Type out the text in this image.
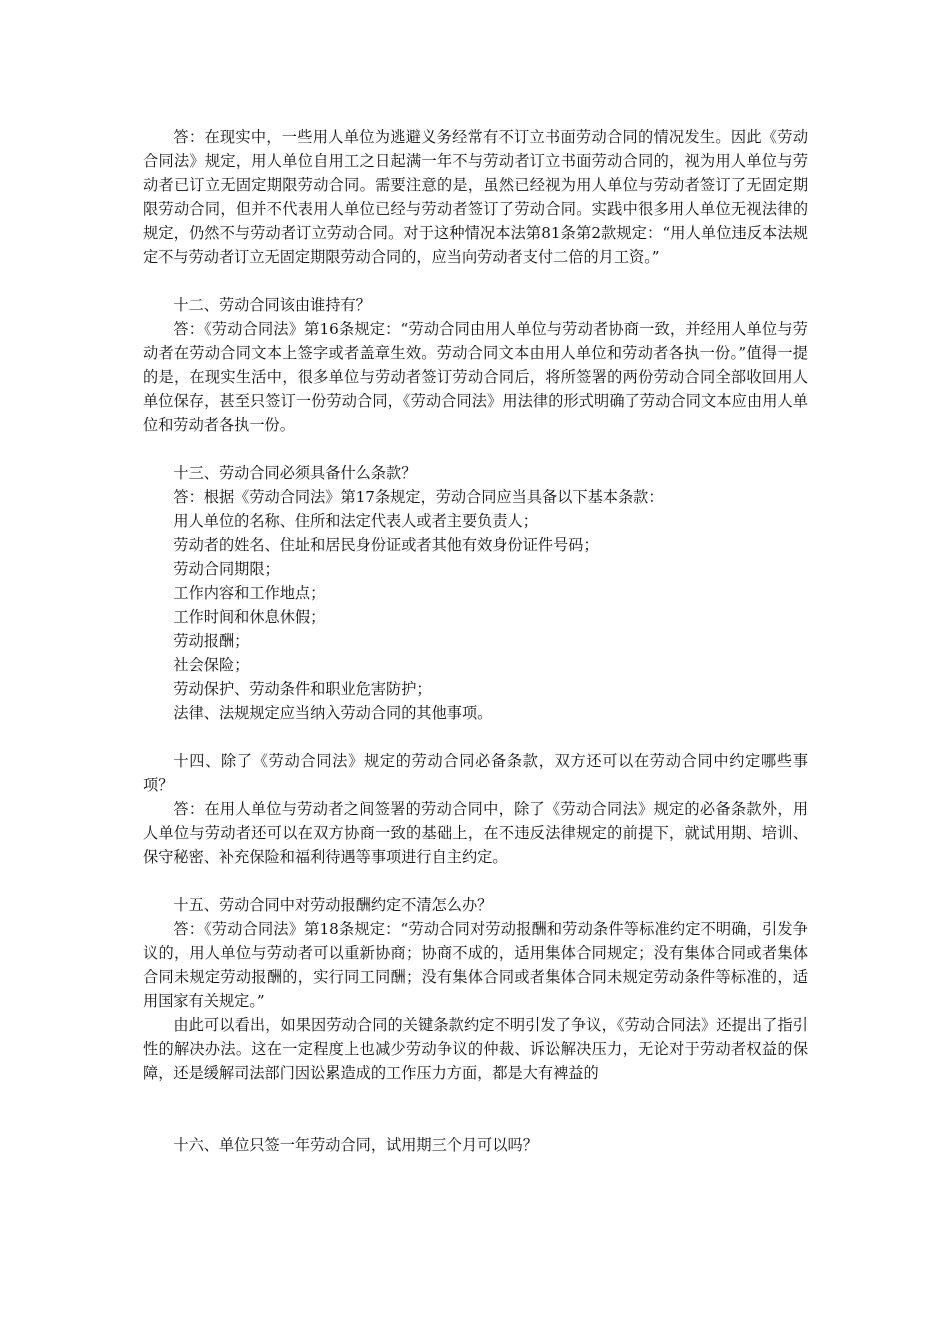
答：在现实中，一些用人单位为逃避义务经常有不订立书面劳动合同的情况发生。因此《劳动合同法》规定，用人单位自用工之日起满一年不与劳动者订立书面劳动合同的，视为用人单位与劳动者已订立无固定期限劳动合同。需要注意的是，虽然已经视为用人单位与劳动者签订了无固定期限劳动合同，但并不代表用人单位已经与劳动者签订了劳动合同。实践中很多用人单位无视法律的规定，仍然不与劳动者订立劳动合同。对于这种情况本法第81条第2款规定：“用人单位违反本法规定不与劳动者订立无固定期限劳动合同的，应当向劳动者支付二倍的月工资。”

十二、劳动合同该由谁持有？

答：《劳动合同法》第16条规定：“劳动合同由用人单位与劳动者协商一致，并经用人单位与劳动者在劳动合同文本上签字或者盖章生效。劳动合同文本由用人单位和劳动者各执一份。”值得一提的是，在现实生活中，很多单位与劳动者签订劳动合同后，将所签署的两份劳动合同全部收回用人单位保存，甚至只签订一份劳动合同，《劳动合同法》用法律的形式明确了劳动合同文本应由用人单位和劳动者各执一份。

十三、劳动合同必须具备什么条款？

答：根据《劳动合同法》第17条规定，劳动合同应当具备以下基本条款：

用人单位的名称、住所和法定代表人或者主要负责人；

劳动者的姓名、住址和居民身份证或者其他有效身份证件号码；

劳动合同期限；

工作内容和工作地点；

工作时间和休息休假；

劳动报酬；

社会保险；

劳动保护、劳动条件和职业危害防护；

法律、法规规定应当纳入劳动合同的其他事项。

十四、除了《劳动合同法》规定的劳动合同必备条款，双方还可以在劳动合同中约定哪些事项？

答：在用人单位与劳动者之间签署的劳动合同中，除了《劳动合同法》规定的必备条款外，用人单位与劳动者还可以在双方协商一致的基础上，在不违反法律规定的前提下，就试用期、培训、保守秘密、补充保险和福利待遇等事项进行自主约定。

十五、劳动合同中对劳动报酬约定不清怎么办？

答：《劳动合同法》第18条规定：“劳动合同对劳动报酬和劳动条件等标准约定不明确，引发争议的，用人单位与劳动者可以重新协商；协商不成的，适用集体合同规定；没有集体合同或者集体合同未规定劳动报酬的，实行同工同酬；没有集体合同或者集体合同未规定劳动条件等标准的，适用国家有关规定。”

由此可以看出，如果因劳动合同的关键条款约定不明引发了争议，《劳动合同法》还提出了指引性的解决办法。这在一定程度上也减少劳动争议的仲裁、诉讼解决压力，无论对于劳动者权益的保障，还是缓解司法部门因讼累造成的工作压力方面，都是大有裨益的

十六、单位只签一年劳动合同，试用期三个月可以吗？
